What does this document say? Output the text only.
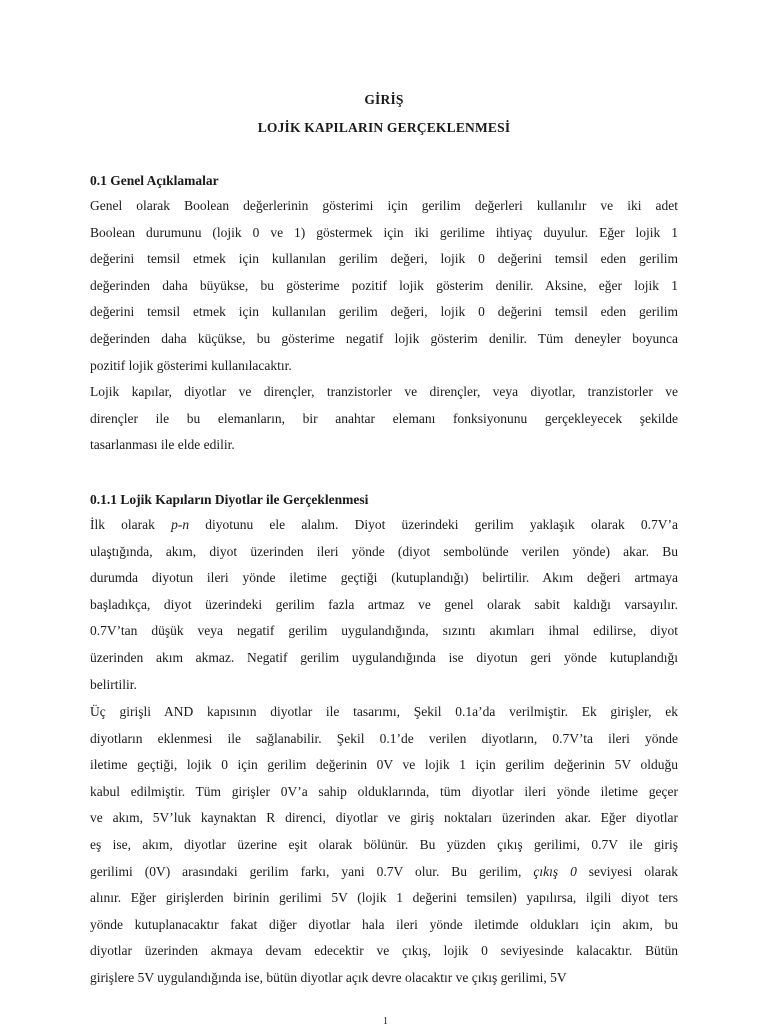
GİRİŞ
LOJİK KAPILARIN GERÇEKLENMESİ
0.1 Genel Açıklamalar
Genel olarak Boolean değerlerinin gösterimi için gerilim değerleri kullanılır ve iki adet
Boolean durumunu (lojik 0 ve 1) göstermek için iki gerilime ihtiyaç duyulur. Eğer lojik 1
değerini temsil etmek için kullanılan gerilim değeri, lojik 0 değerini temsil eden gerilim
değerinden daha büyükse, bu gösterime pozitif lojik gösterim denilir. Aksine, eğer lojik 1
değerini temsil etmek için kullanılan gerilim değeri, lojik 0 değerini temsil eden gerilim
değerinden daha küçükse, bu gösterime negatif lojik gösterim denilir. Tüm deneyler boyunca
pozitif lojik gösterimi kullanılacaktır.
Lojik kapılar, diyotlar ve dirençler, tranzistorler ve dirençler, veya diyotlar, tranzistorler ve
dirençler ile bu elemanların, bir anahtar elemanı fonksiyonunu gerçekleyecek şekilde
tasarlanması ile elde edilir.
0.1.1 Lojik Kapıların Diyotlar ile Gerçeklenmesi
İlk olarak p-n diyotunu ele alalım. Diyot üzerindeki gerilim yaklaşık olarak 0.7V’a
ulaştığında, akım, diyot üzerinden ileri yönde (diyot sembolünde verilen yönde) akar. Bu
durumda diyotun ileri yönde iletime geçtiği (kutuplandığı) belirtilir. Akım değeri artmaya
başladıkça, diyot üzerindeki gerilim fazla artmaz ve genel olarak sabit kaldığı varsayılır.
0.7V’tan düşük veya negatif gerilim uygulandığında, sızıntı akımları ihmal edilirse, diyot
üzerinden akım akmaz. Negatif gerilim uygulandığında ise diyotun geri yönde kutuplandığı
belirtilir.
Üç girişli AND kapısının diyotlar ile tasarımı, Şekil 0.1a’da verilmiştir. Ek girişler, ek
diyotların eklenmesi ile sağlanabilir. Şekil 0.1’de verilen diyotların, 0.7V’ta ileri yönde
iletime geçtiği, lojik 0 için gerilim değerinin 0V ve lojik 1 için gerilim değerinin 5V olduğu
kabul edilmiştir. Tüm girişler 0V’a sahip olduklarında, tüm diyotlar ileri yönde iletime geçer
ve akım, 5V’luk kaynaktan R direnci, diyotlar ve giriş noktaları üzerinden akar. Eğer diyotlar
eş ise, akım, diyotlar üzerine eşit olarak bölünür. Bu yüzden çıkış gerilimi, 0.7V ile giriş
gerilimi (0V) arasındaki gerilim farkı, yani 0.7V olur. Bu gerilim, çıkış 0 seviyesi olarak
alınır. Eğer girişlerden birinin gerilimi 5V (lojik 1 değerini temsilen) yapılırsa, ilgili diyot ters
yönde kutuplanacaktır fakat diğer diyotlar hala ileri yönde iletimde oldukları için akım, bu
diyotlar üzerinden akmaya devam edecektir ve çıkış, lojik 0 seviyesinde kalacaktır. Bütün
girişlere 5V uygulandığında ise, bütün diyotlar açık devre olacaktır ve çıkış gerilimi, 5V
1
